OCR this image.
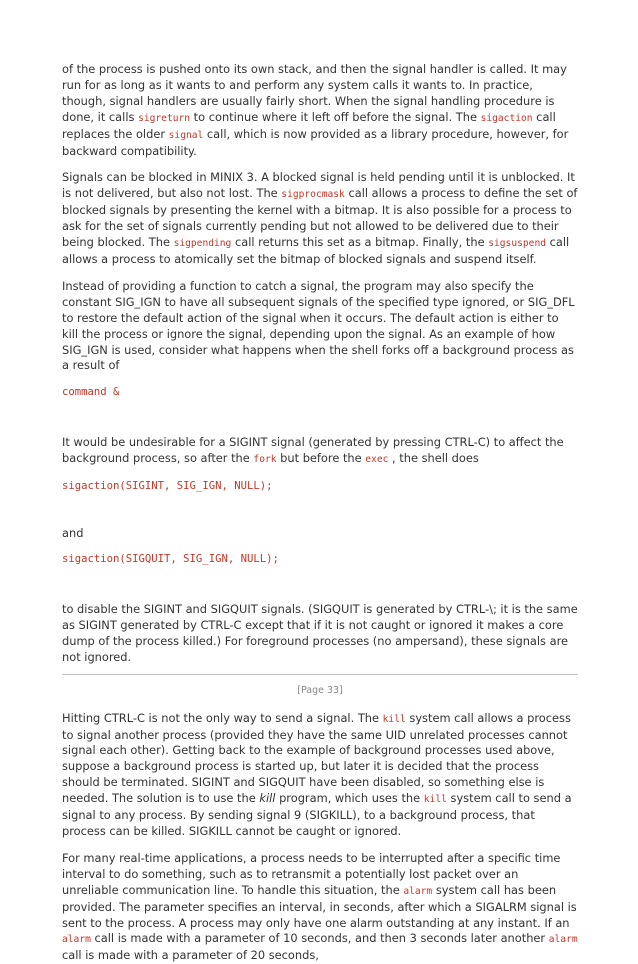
of the process is pushed onto its own stack, and then the signal handler is called. It may run for as long as it wants to and perform any system calls it wants to. In practice, though, signal handlers are usually fairly short. When the signal handling procedure is done, it calls sigreturn to continue where it left off before the signal. The sigaction call replaces the older signal call, which is now provided as a library procedure, however, for backward compatibility.

Signals can be blocked in MINIX 3. A blocked signal is held pending until it is unblocked. It is not delivered, but also not lost. The sigprocmask call allows a process to define the set of blocked signals by presenting the kernel with a bitmap. It is also possible for a process to ask for the set of signals currently pending but not allowed to be delivered due to their being blocked. The sigpending call returns this set as a bitmap. Finally, the sigsuspend call allows a process to atomically set the bitmap of blocked signals and suspend itself.

Instead of providing a function to catch a signal, the program may also specify the constant SIG_IGN to have all subsequent signals of the specified type ignored, or SIG_DFL to restore the default action of the signal when it occurs. The default action is either to kill the process or ignore the signal, depending upon the signal. As an example of how SIG_IGN is used, consider what happens when the shell forks off a background process as a result of

command &

It would be undesirable for a SIGINT signal (generated by pressing CTRL-C) to affect the background process, so after the fork but before the exec , the shell does

sigaction(SIGINT, SIG_IGN, NULL);

and

sigaction(SIGQUIT, SIG_IGN, NULL);

to disable the SIGINT and SIGQUIT signals. (SIGQUIT is generated by CTRL-\; it is the same as SIGINT generated by CTRL-C except that if it is not caught or ignored it makes a core dump of the process killed.) For foreground processes (no ampersand), these signals are not ignored.

[Page 33]

Hitting CTRL-C is not the only way to send a signal. The kill system call allows a process to signal another process (provided they have the same UID unrelated processes cannot signal each other). Getting back to the example of background processes used above, suppose a background process is started up, but later it is decided that the process should be terminated. SIGINT and SIGQUIT have been disabled, so something else is needed. The solution is to use the kill program, which uses the kill system call to send a signal to any process. By sending signal 9 (SIGKILL), to a background process, that process can be killed. SIGKILL cannot be caught or ignored.

For many real-time applications, a process needs to be interrupted after a specific time interval to do something, such as to retransmit a potentially lost packet over an unreliable communication line. To handle this situation, the alarm system call has been provided. The parameter specifies an interval, in seconds, after which a SIGALRM signal is sent to the process. A process may only have one alarm outstanding at any instant. If an alarm call is made with a parameter of 10 seconds, and then 3 seconds later another alarm call is made with a parameter of 20 seconds,
